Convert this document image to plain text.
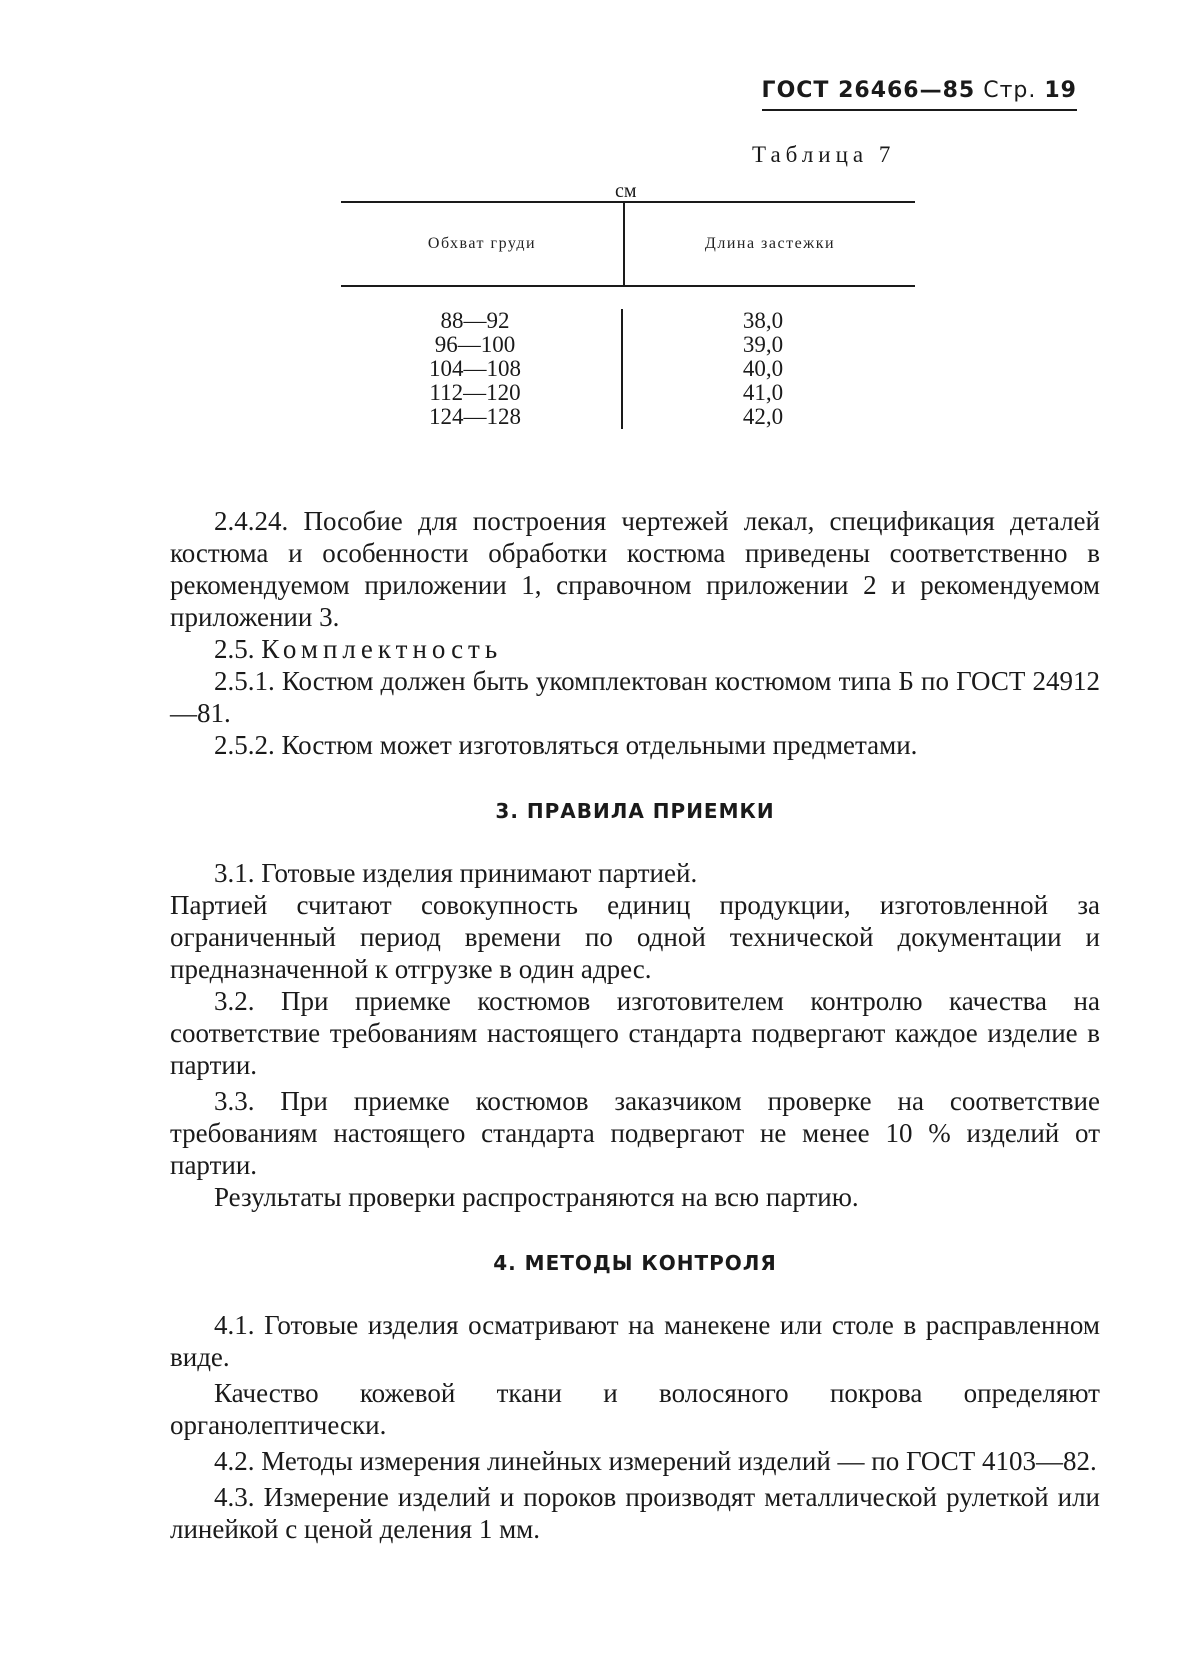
ГОСТ 26466—85 Стр. 19
Таблица 7
см
Обхват груди	Длина застежки
88—92
96—100
104—108
112—120
124—128
38,0
39,0
40,0
41,0
42,0

2.4.24. Пособие для построения чертежей лекал, спецификация деталей костюма и особенности обработки костюма приведены соответственно в рекомендуемом приложении 1, справочном приложении 2 и рекомендуемом приложении 3.

2.5. Комплектность

2.5.1. Костюм должен быть укомплектован костюмом типа Б по ГОСТ 24912—81.

2.5.2. Костюм может изготовляться отдельными предметами.

3. ПРАВИЛА ПРИЕМКИ

3.1. Готовые изделия принимают партией.

Партией считают совокупность единиц продукции, изготовленной за ограниченный период времени по одной технической документации и предназначенной к отгрузке в один адрес.

3.2. При приемке костюмов изготовителем контролю качества на соответствие требованиям настоящего стандарта подвергают каждое изделие в партии.

3.3. При приемке костюмов заказчиком проверке на соответствие требованиям настоящего стандарта подвергают не менее 10 % изделий от партии.

Результаты проверки распространяются на всю партию.

4. МЕТОДЫ КОНТРОЛЯ

4.1. Готовые изделия осматривают на манекене или столе в расправленном виде.

Качество кожевой ткани и волосяного покрова определяют органолептически.

4.2. Методы измерения линейных измерений изделий — по ГОСТ 4103—82.

4.3. Измерение изделий и пороков производят металлической рулеткой или линейкой с ценой деления 1 мм.
